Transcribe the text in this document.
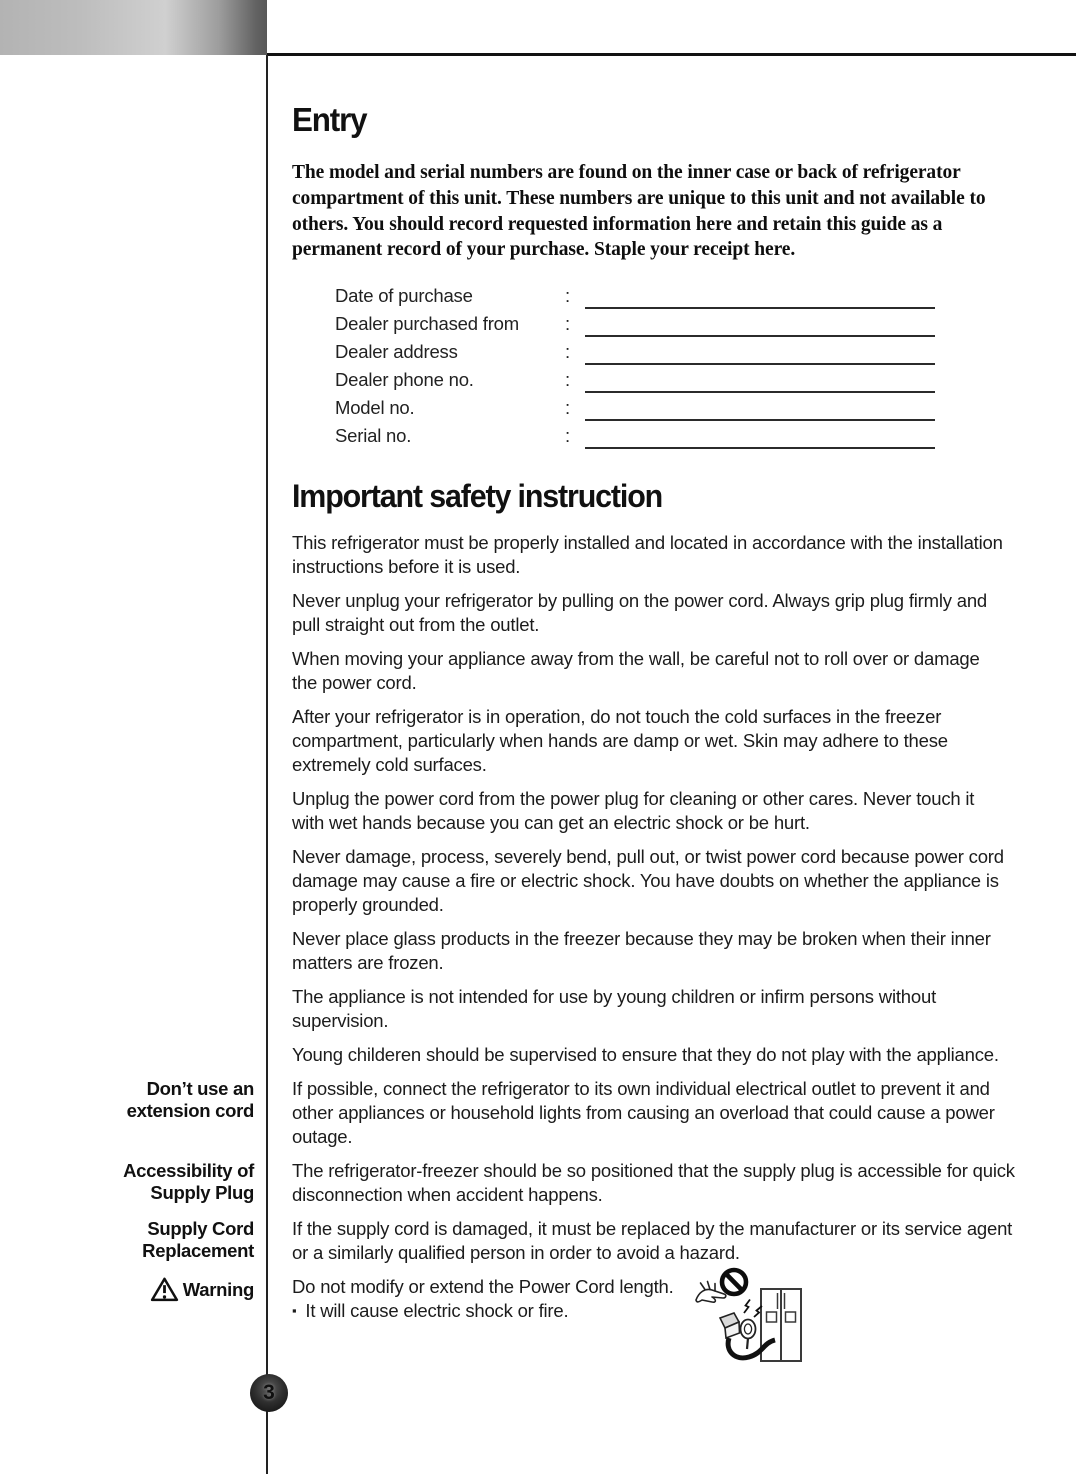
Entry

The model and serial numbers are found on the inner case or back of refrigerator compartment of this unit. These numbers are unique to this unit and not available to others. You should record requested information here and retain this guide as a permanent record of your purchase. Staple your receipt here.

Date of purchase	:
Dealer purchased from :
Dealer address	:
Dealer phone no.	:
Model no.	:
Serial no.	:
Important safety instruction

This refrigerator must be properly installed and located in accordance with the installation instructions before it is used.

Never unplug your refrigerator by pulling on the power cord. Always grip plug firmly and pull straight out from the outlet.

When moving your appliance away from the wall, be careful not to roll over or damage the power cord.

After your refrigerator is in operation, do not touch the cold surfaces in the freezer compartment, particularly when hands are damp or wet. Skin may adhere to these extremely cold surfaces.

Unplug the power cord from the power plug for cleaning or other cares. Never touch it with wet hands because you can get an electric shock or be hurt.

Never damage, process, severely bend, pull out, or twist power cord because power cord damage may cause a fire or electric shock. You have doubts on whether the appliance is properly grounded.

Never place glass products in the freezer because they may be broken when their inner matters are frozen.

The appliance is not intended for use by young children or infirm persons without supervision.

Young childeren should be supervised to ensure that they do not play with the appliance.

Don’t use an
extension cord

If possible, connect the refrigerator to its own individual electrical outlet to prevent it and other appliances or household lights from causing an overload that could cause a power outage.

Accessibility of
Supply Plug

The refrigerator-freezer should be so positioned that the supply plug is accessible for quick disconnection when accident happens.

Supply Cord
Replacement

If the supply cord is damaged, it must be replaced by the manufacturer or its service agent or a similarly qualified person in order to avoid a hazard.

Warning Do not modify or extend the Power Cord length.

▪ It will cause electric shock or fire.
3
